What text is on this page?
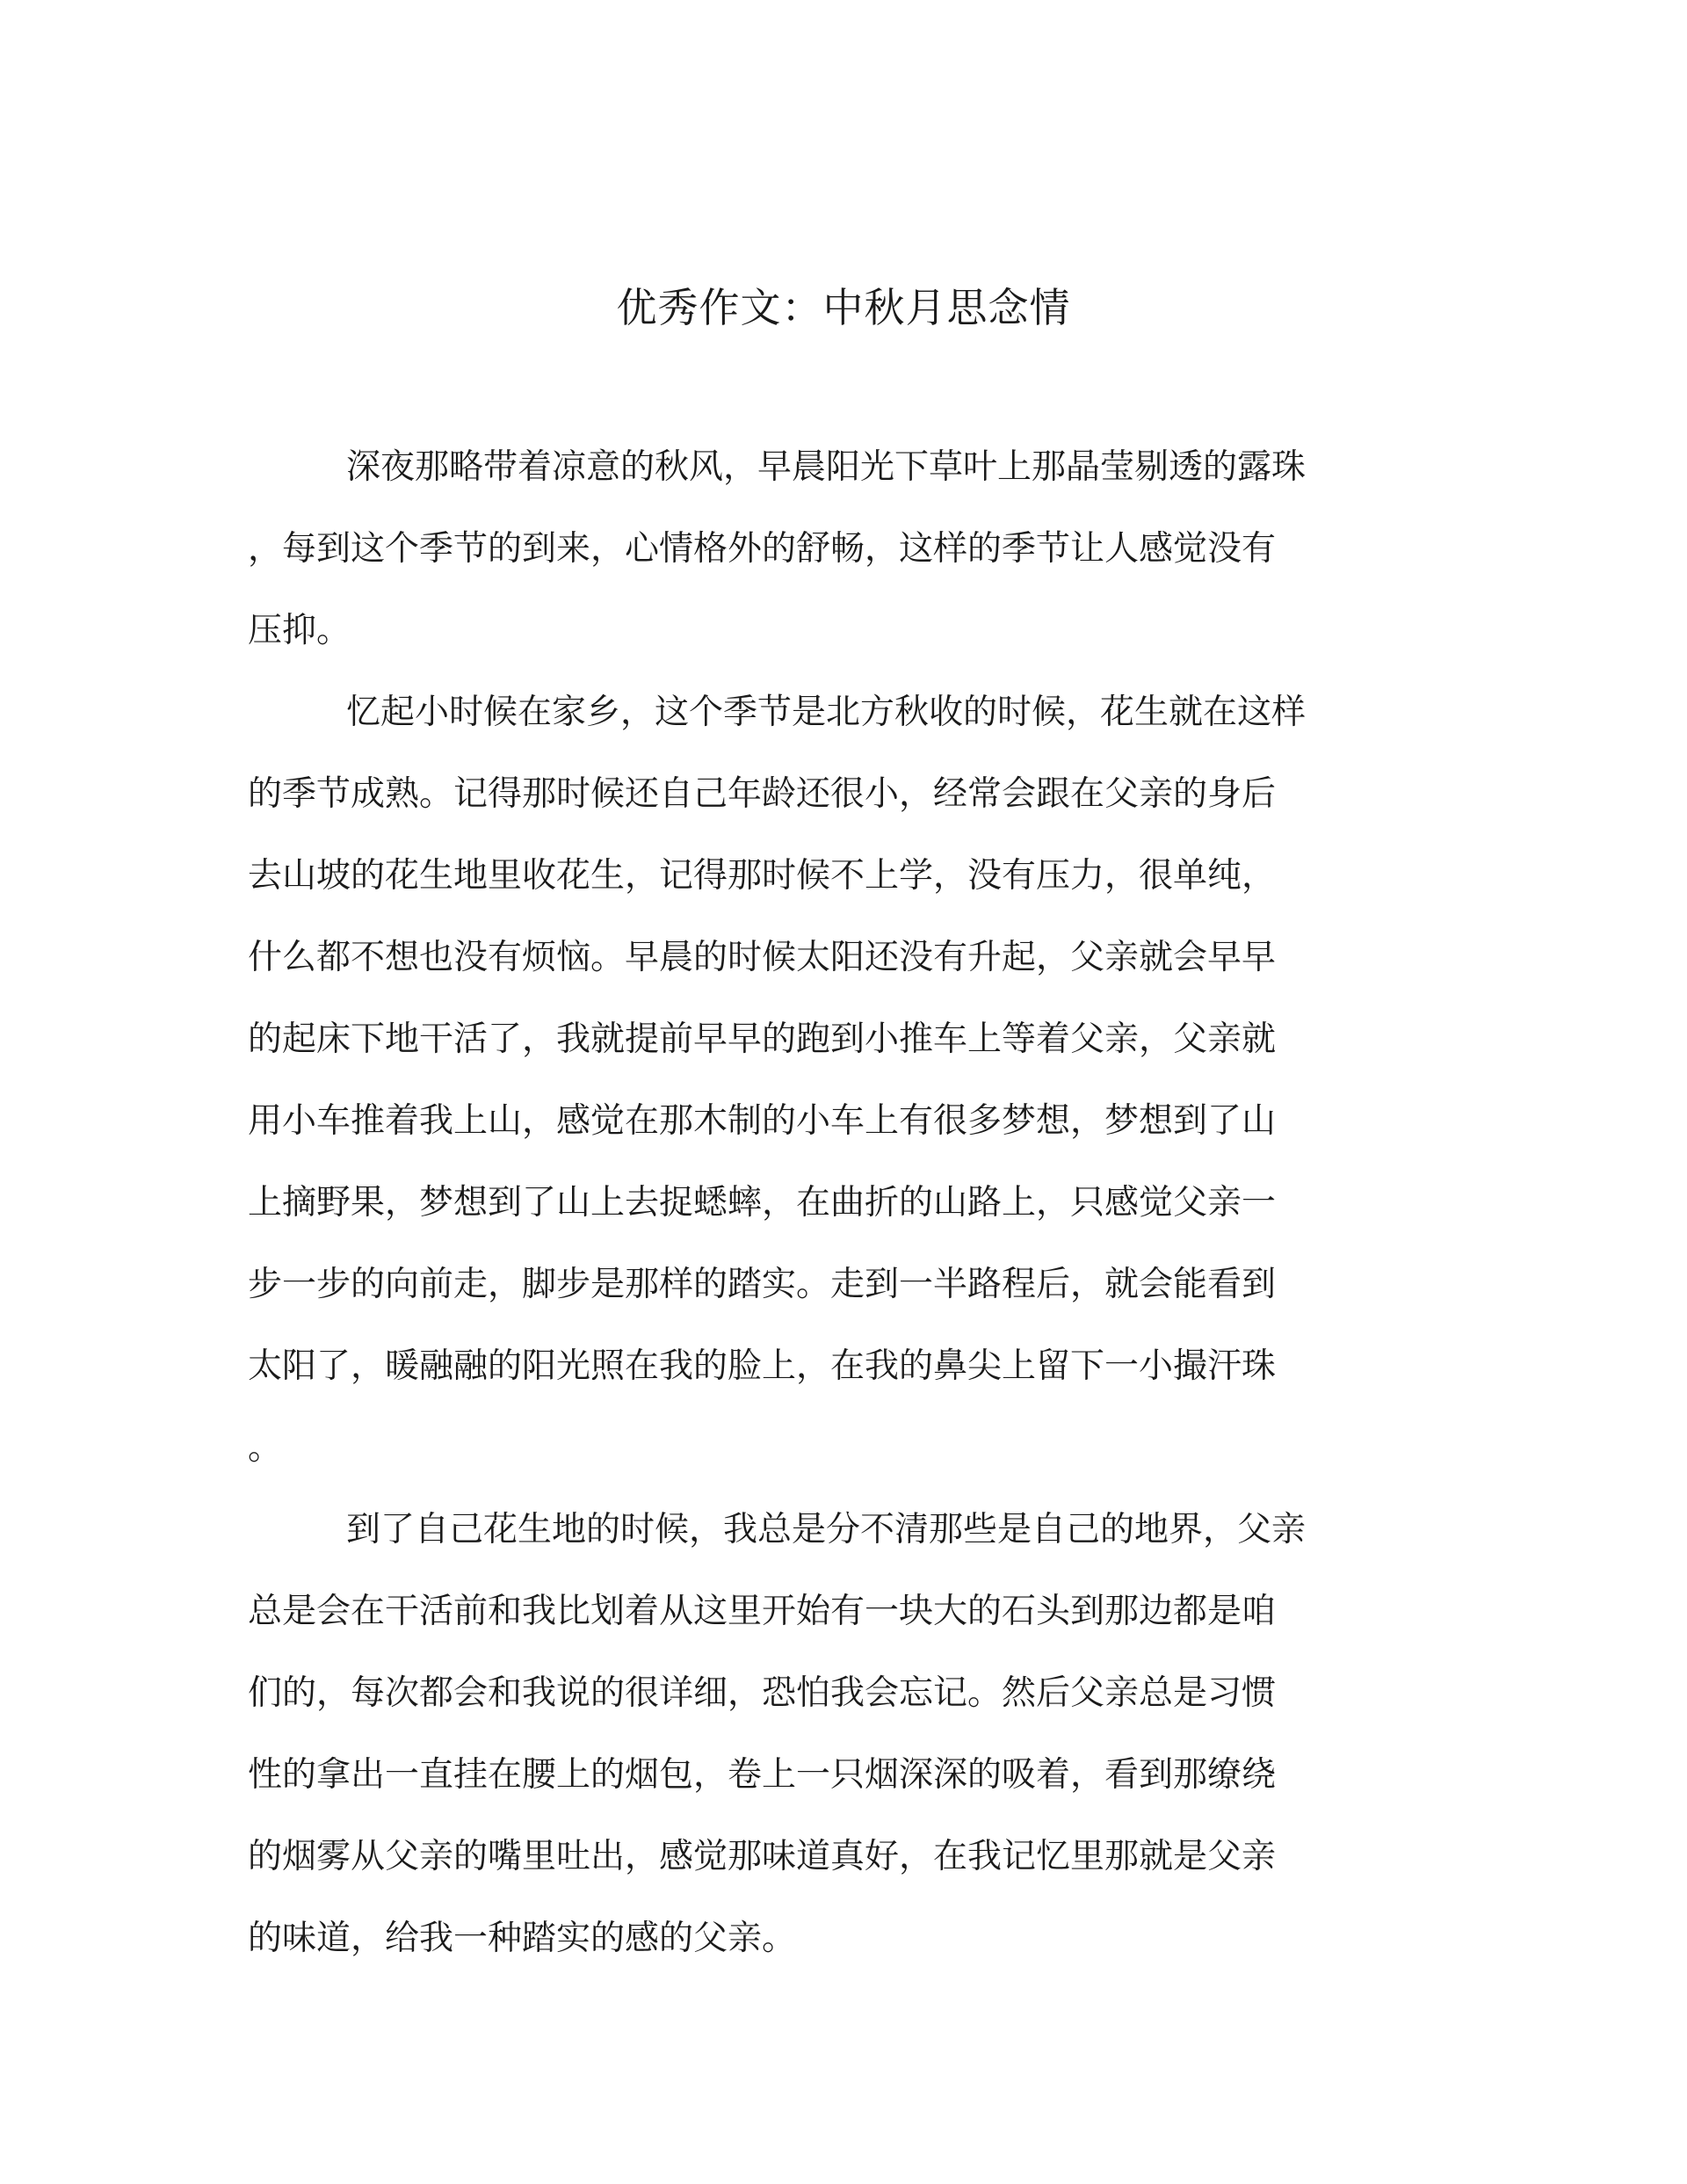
优秀作文：中秋月思念情

深夜那略带着凉意的秋风，早晨阳光下草叶上那晶莹剔透的露珠
，每到这个季节的到来，心情格外的舒畅，这样的季节让人感觉没有
压抑。

忆起小时候在家乡，这个季节是北方秋收的时候，花生就在这样
的季节成熟。记得那时候还自己年龄还很小，经常会跟在父亲的身后
去山坡的花生地里收花生，记得那时候不上学，没有压力，很单纯，
什么都不想也没有烦恼。早晨的时候太阳还没有升起，父亲就会早早
的起床下地干活了，我就提前早早的跑到小推车上等着父亲，父亲就
用小车推着我上山，感觉在那木制的小车上有很多梦想，梦想到了山
上摘野果，梦想到了山上去捉蟋蟀，在曲折的山路上，只感觉父亲一
步一步的向前走，脚步是那样的踏实。走到一半路程后，就会能看到
太阳了，暖融融的阳光照在我的脸上，在我的鼻尖上留下一小撮汗珠
。

到了自己花生地的时候，我总是分不清那些是自己的地界，父亲
总是会在干活前和我比划着从这里开始有一块大的石头到那边都是咱
们的，每次都会和我说的很详细，恐怕我会忘记。然后父亲总是习惯
性的拿出一直挂在腰上的烟包，卷上一只烟深深的吸着，看到那缭绕
的烟雾从父亲的嘴里吐出，感觉那味道真好，在我记忆里那就是父亲
的味道，给我一种踏实的感的父亲。
